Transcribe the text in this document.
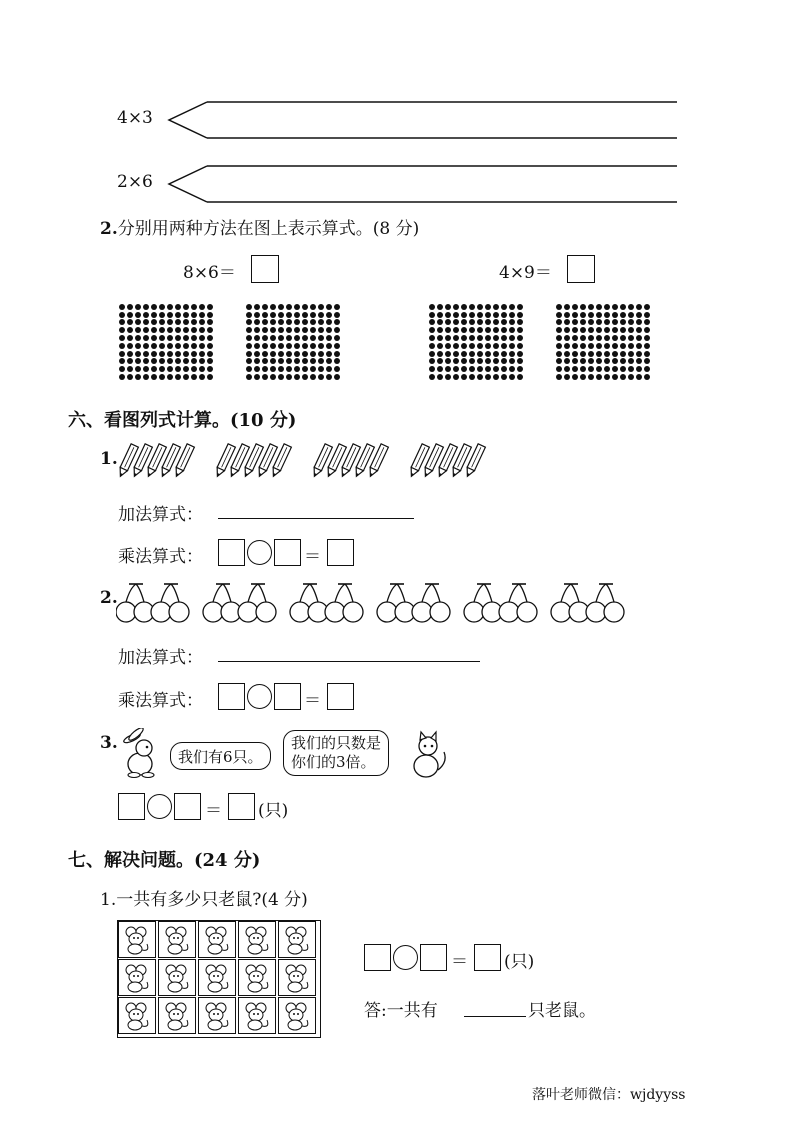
4×3
2×6
2.分别用两种方法在图上表示算式。(8 分)
8×6＝	4×9＝
六、看图列式计算。(10 分)
1.
加法算式：
乘法算式：	＝
2.
加法算式：
乘法算式：	＝
3.
我们有6只。
我们的只数是
你们的3倍。
＝ (只)
七、解决问题。(24 分)
1.一共有多少只老鼠?(4 分)
＝ (只)
答:一共有	只老鼠。
落叶老师微信：wjdyyss
